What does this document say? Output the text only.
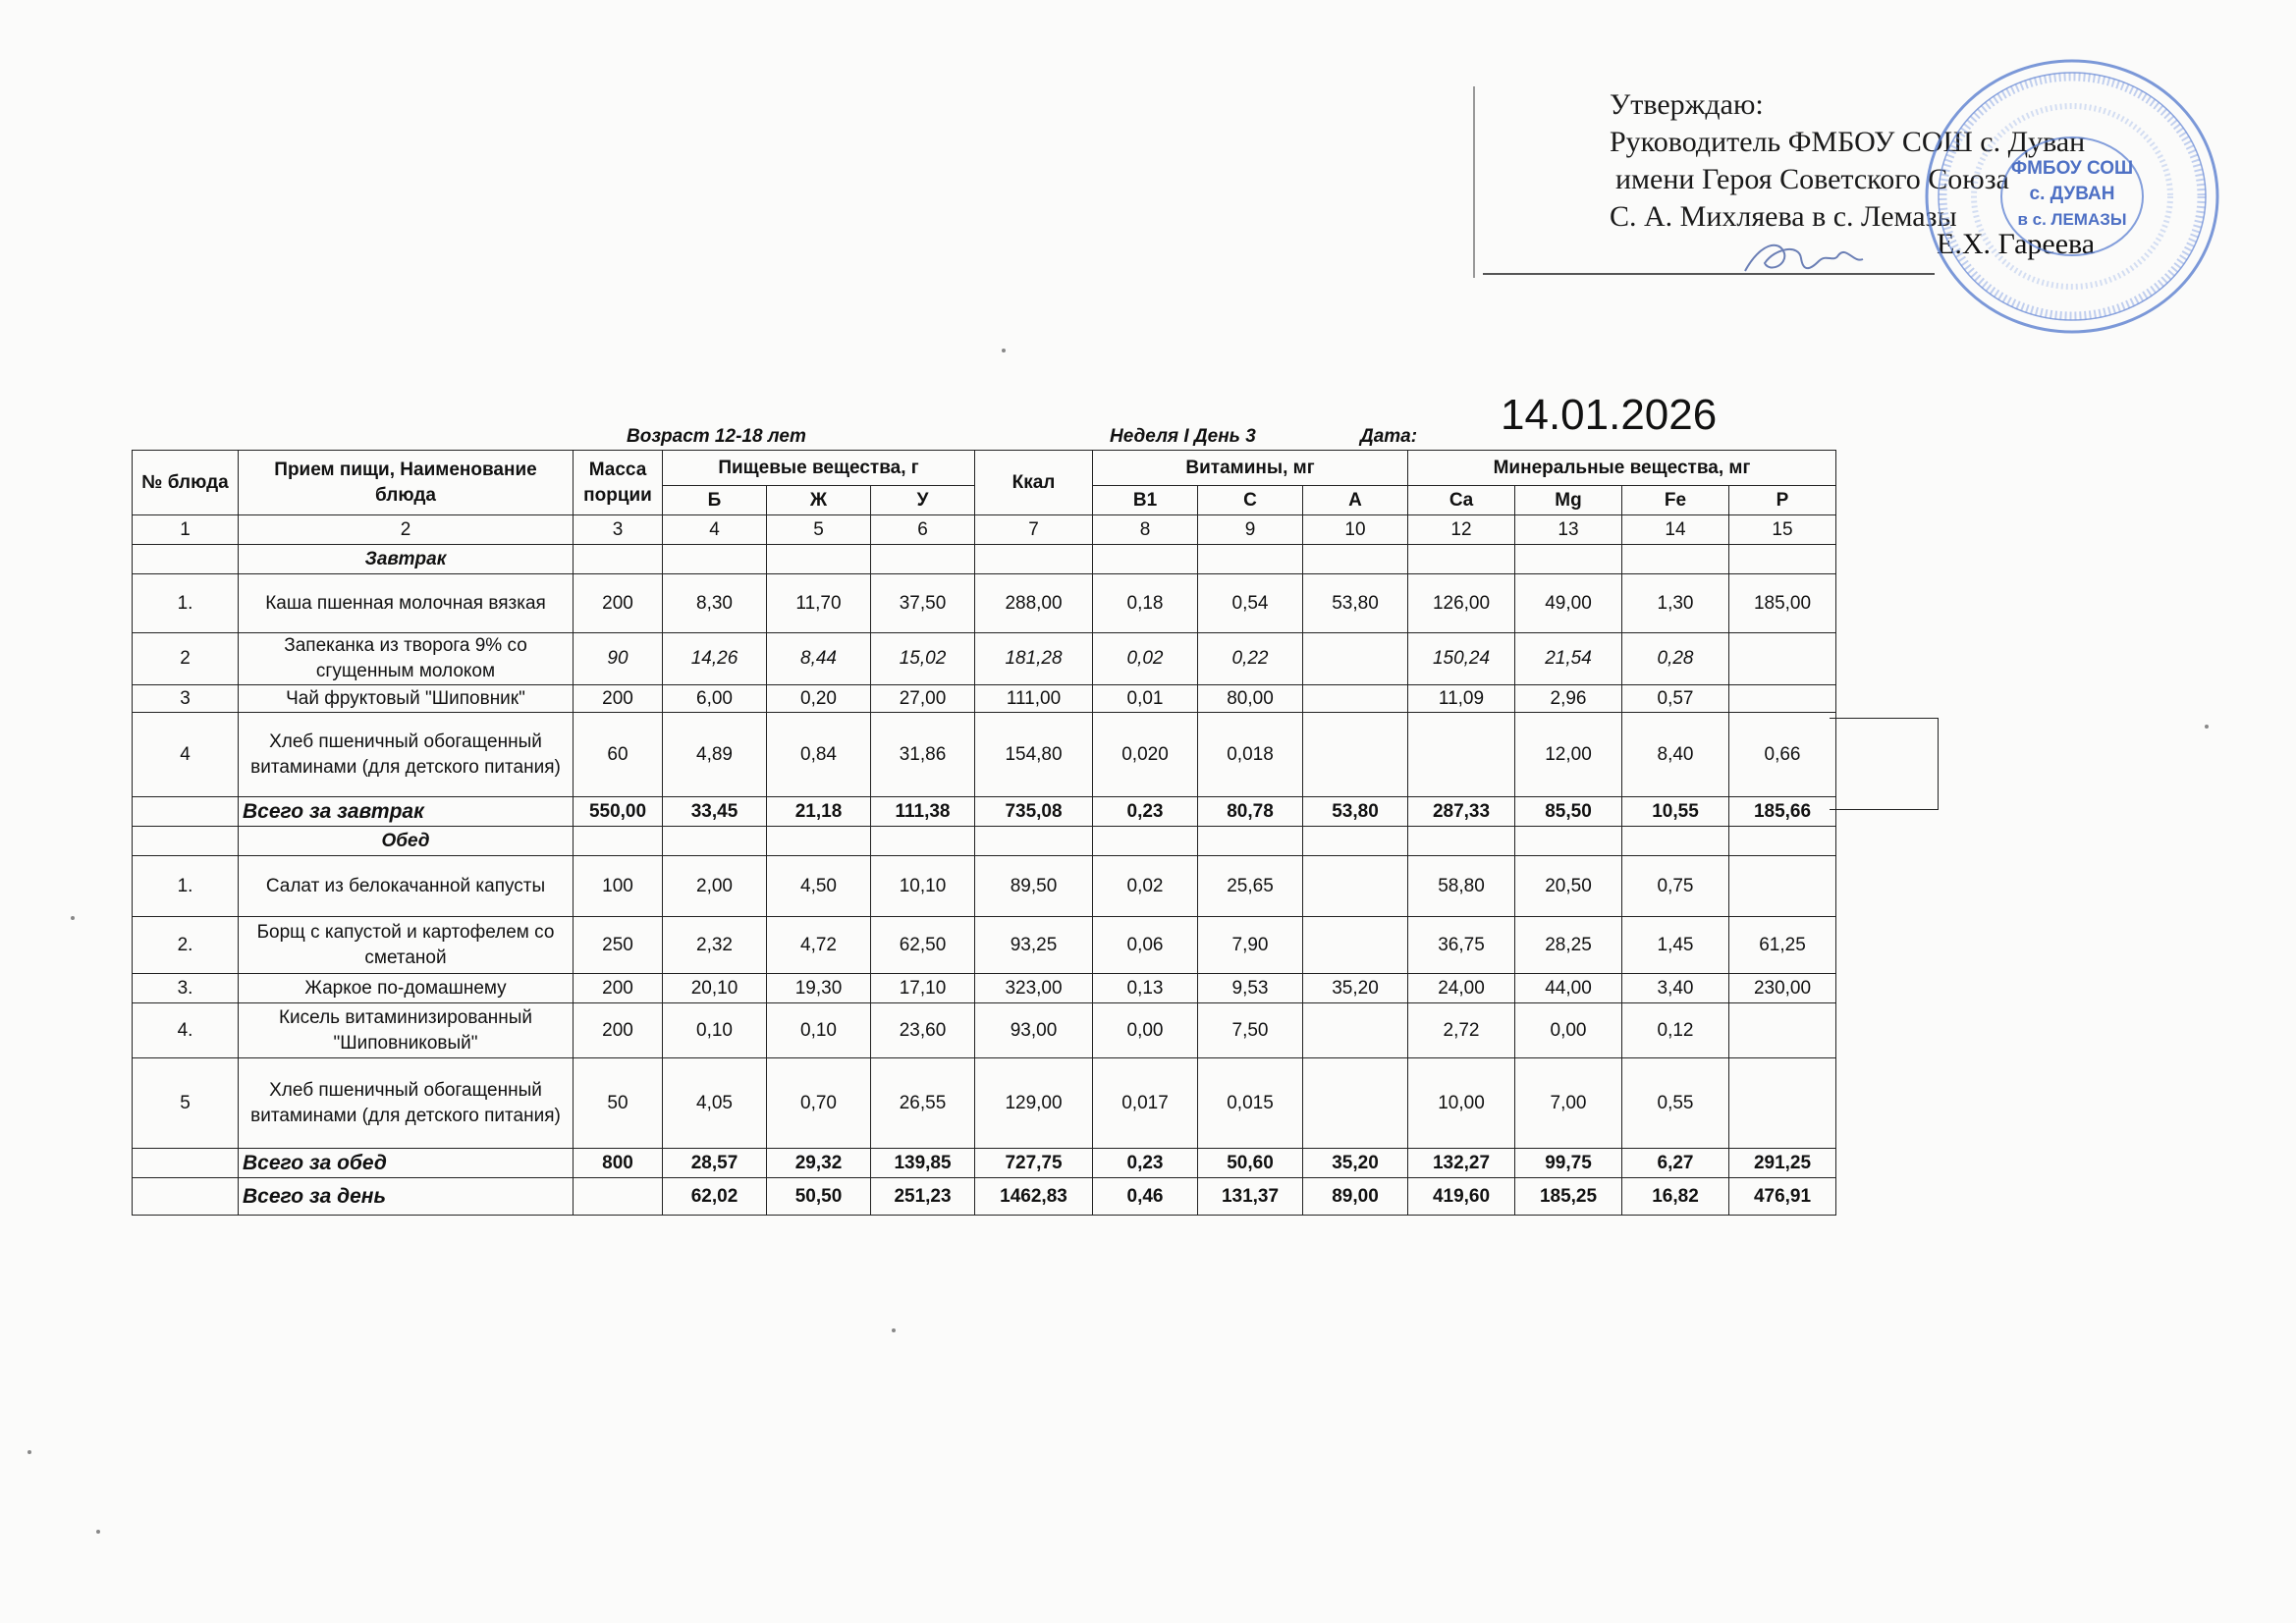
Утверждаю:
Руководитель ФМБОУ СОШ с. Дуван
имени Героя Советского Союза
С. А. Михляева в с. Лемазы
Е.Х. Гареева
ФМБОУ СОШ
с. ДУВАН
в с. ЛЕМАЗЫ
Возраст 12-18 лет	Неделя I День 3	Дата: 14.01.2026
№ блюда	Прием пищи, Наименование блюда	Масса порции	Пищевые вещества, г			Ккал	Витамины, мг			Минеральные вещества, мг			
			Б	Ж	У		B1	C	A	Ca	Mg	Fe	P
1	2	3	4	5	6	7	8	9	10	12	13	14	15
	Завтрак												
1.	Каша пшенная молочная вязкая	200	8,30	11,70	37,50	288,00	0,18	0,54	53,80	126,00	49,00	1,30	185,00
2	Запеканка из творога 9% со сгущенным молоком	90	14,26	8,44	15,02	181,28	0,02	0,22		150,24	21,54	0,28	
3	Чай фруктовый "Шиповник"	200	6,00	0,20	27,00	111,00	0,01	80,00		11,09	2,96	0,57	
4	Хлеб пшеничный обогащенный витаминами (для детского питания)	60	4,89	0,84	31,86	154,80	0,020	0,018			12,00	8,40	0,66
	Всего за завтрак	550,00	33,45	21,18	111,38	735,08	0,23	80,78	53,80	287,33	85,50	10,55	185,66
	Обед												
1.	Салат из белокачанной капусты	100	2,00	4,50	10,10	89,50	0,02	25,65		58,80	20,50	0,75	
2.	Борщ с капустой и картофелем со сметаной	250	2,32	4,72	62,50	93,25	0,06	7,90		36,75	28,25	1,45	61,25
3.	Жаркое по-домашнему	200	20,10	19,30	17,10	323,00	0,13	9,53	35,20	24,00	44,00	3,40	230,00
4.	Кисель витаминизированный "Шиповниковый"	200	0,10	0,10	23,60	93,00	0,00	7,50		2,72	0,00	0,12	
5	Хлеб пшеничный обогащенный витаминами (для детского питания)	50	4,05	0,70	26,55	129,00	0,017	0,015		10,00	7,00	0,55	
	Всего за обед	800	28,57	29,32	139,85	727,75	0,23	50,60	35,20	132,27	99,75	6,27	291,25
	Всего за день		62,02	50,50	251,23	1462,83	0,46	131,37	89,00	419,60	185,25	16,82	476,91
